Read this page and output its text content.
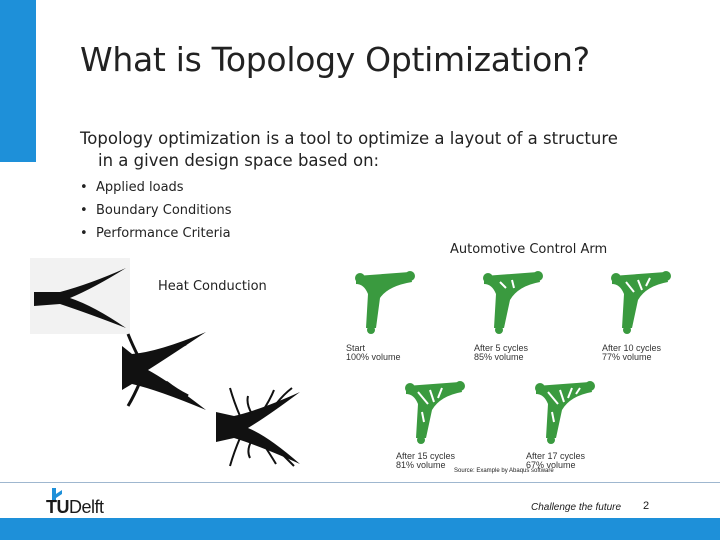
What is Topology Optimization?
Topology optimization is a tool to optimize a layout of a structure
in a given design space based on:
• Applied loads
• Boundary Conditions
• Performance Criteria
Automotive Control Arm
Heat Conduction
Start
100% volume
After 5 cycles
85% volume
After 10 cycles
77% volume
After 15 cycles
81% volume
After 17 cycles
67% volume
Source: Example by Abaqus software
TUDelft	Challenge the future 2
